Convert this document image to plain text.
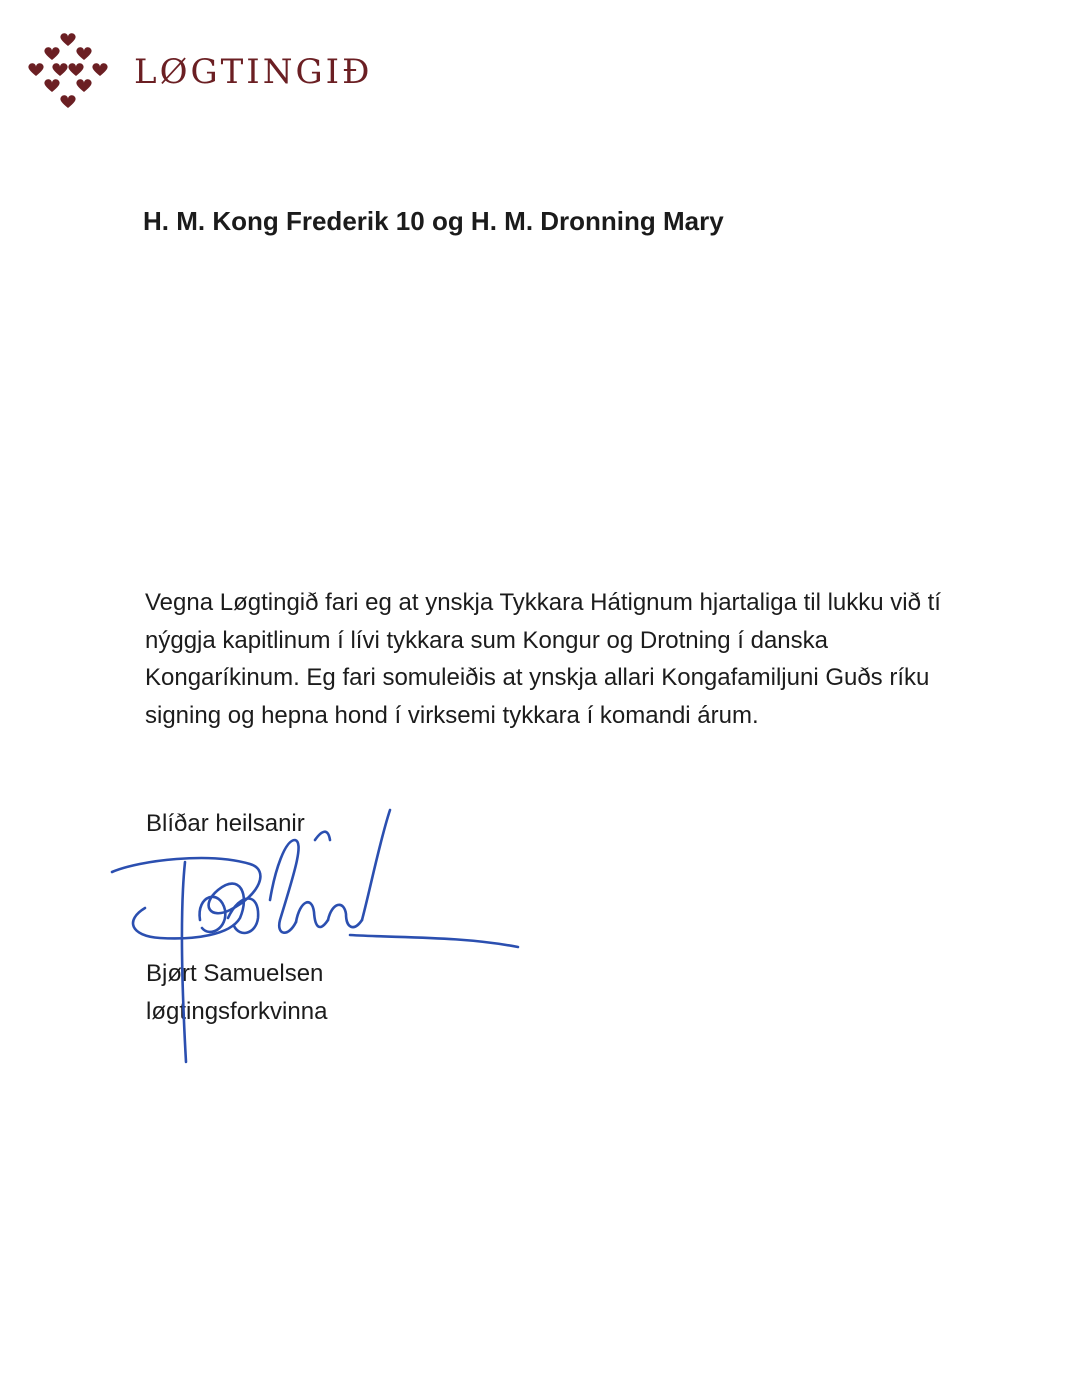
LØGTINGIÐ
H. M. Kong Frederik 10 og H. M. Dronning Mary
Vegna Løgtingið fari eg at ynskja Tykkara Hátignum hjartaliga til lukku við tí
nýggja kapitlinum í lívi tykkara sum Kongur og Drotning í danska
Kongaríkinum. Eg fari somuleiðis at ynskja allari Kongafamiljuni Guðs ríku
signing og hepna hond í virksemi tykkara í komandi árum.
Blíðar heilsanir
Bjørt Samuelsen
løgtingsforkvinna
